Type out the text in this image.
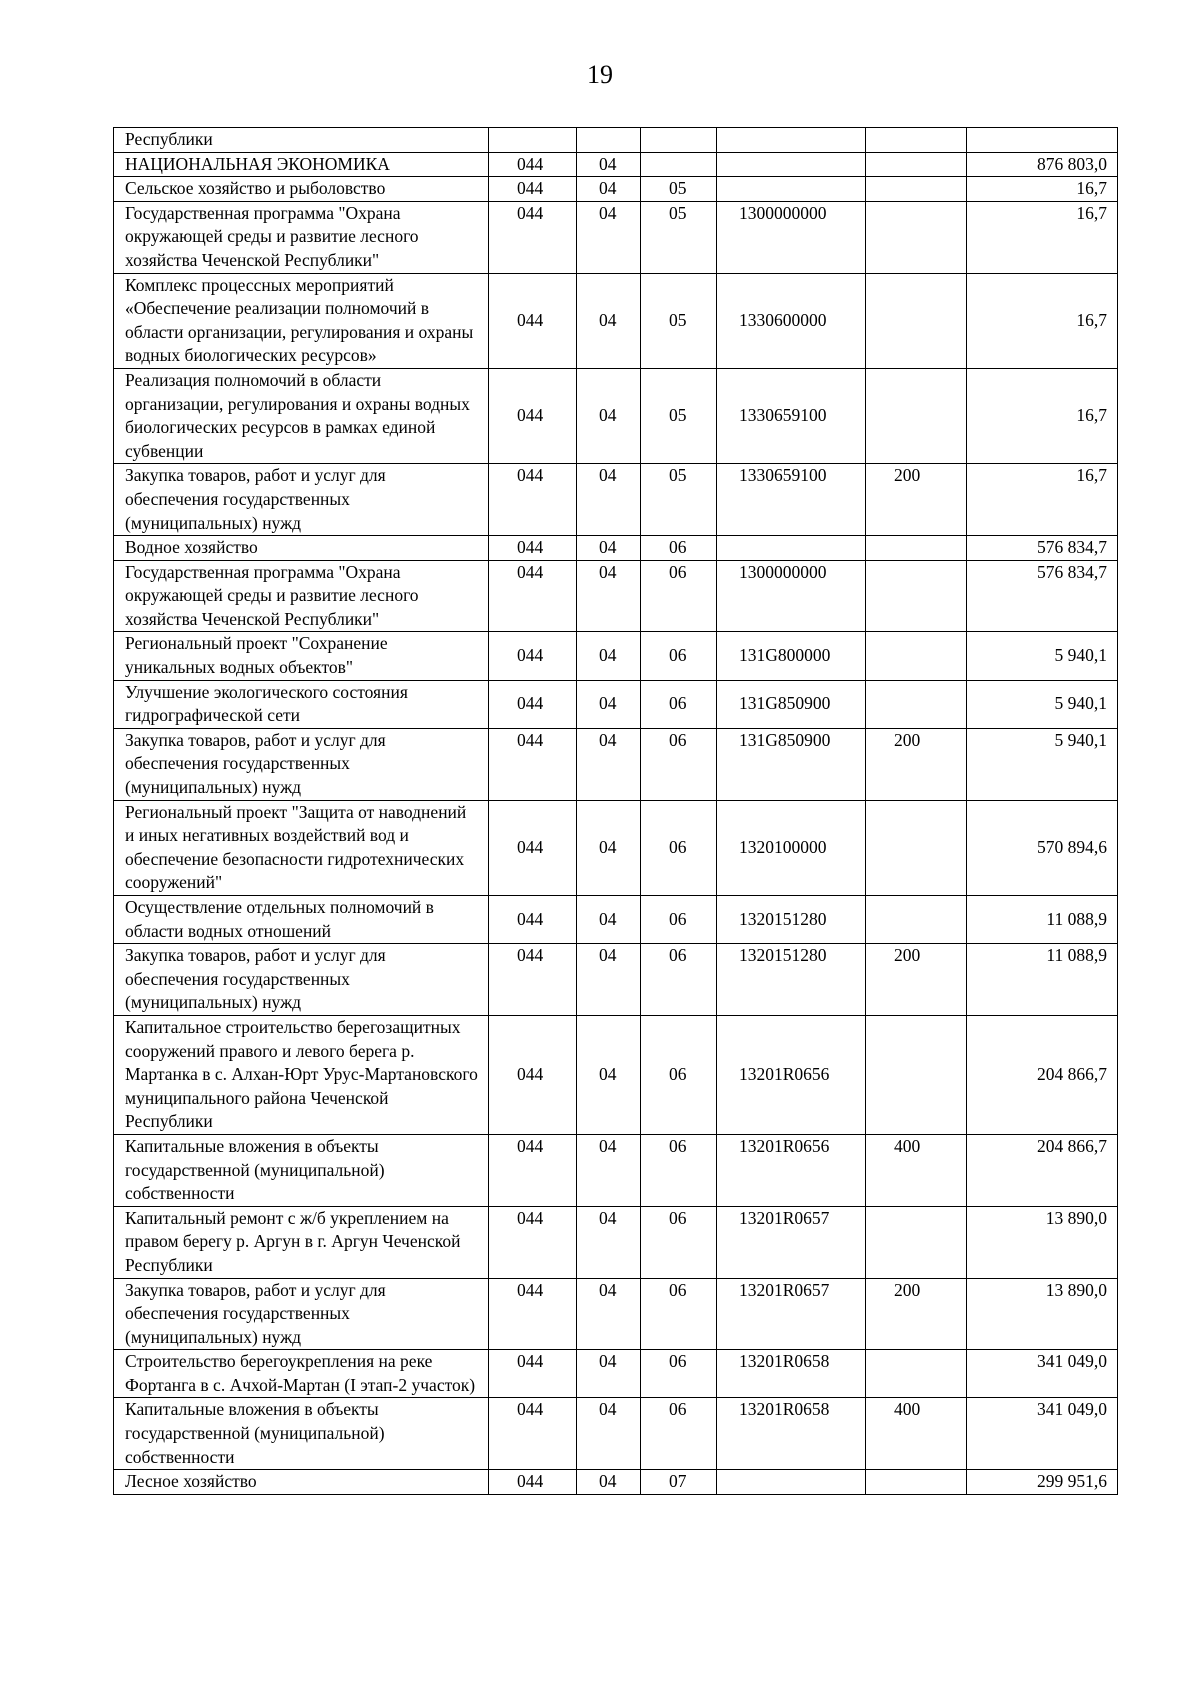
19
Республики						
НАЦИОНАЛЬНАЯ ЭКОНОМИКА	044	04				876 803,0
Сельское хозяйство и рыболовство	044	04	05			16,7
Государственная программа "Охрана окружающей среды и развитие лесного хозяйства Чеченской Республики"	044	04	05	1300000000		16,7
Комплекс процессных мероприятий «Обеспечение реализации полномочий в области организации, регулирования и охраны водных биологических ресурсов»	044	04	05	1330600000		16,7
Реализация полномочий в области организации, регулирования и охраны водных биологических ресурсов в рамках единой субвенции	044	04	05	1330659100		16,7
Закупка товаров, работ и услуг для обеспечения государственных (муниципальных) нужд	044	04	05	1330659100	200	16,7
Водное хозяйство	044	04	06			576 834,7
Государственная программа "Охрана окружающей среды и развитие лесного хозяйства Чеченской Республики"	044	04	06	1300000000		576 834,7
Региональный проект "Сохранение уникальных водных объектов"	044	04	06	131G800000		5 940,1
Улучшение экологического состояния гидрографической сети	044	04	06	131G850900		5 940,1
Закупка товаров, работ и услуг для обеспечения государственных (муниципальных) нужд	044	04	06	131G850900	200	5 940,1
Региональный проект "Защита от наводнений и иных негативных воздействий вод и обеспечение безопасности гидротехнических сооружений"	044	04	06	1320100000		570 894,6
Осуществление отдельных полномочий в области водных отношений	044	04	06	1320151280		11 088,9
Закупка товаров, работ и услуг для обеспечения государственных (муниципальных) нужд	044	04	06	1320151280	200	11 088,9
Капитальное строительство берегозащитных сооружений правого и левого берега р. Мартанка в с. Алхан-Юрт Урус-Мартановского муниципального района Чеченской Республики	044	04	06	13201R0656		204 866,7
Капитальные вложения в объекты государственной (муниципальной) собственности	044	04	06	13201R0656	400	204 866,7
Капитальный ремонт с ж/б укреплением на правом берегу р. Аргун в г. Аргун Чеченской Республики	044	04	06	13201R0657		13 890,0
Закупка товаров, работ и услуг для обеспечения государственных (муниципальных) нужд	044	04	06	13201R0657	200	13 890,0
Строительство берегоукрепления на реке Фортанга в с. Ачхой-Мартан (I этап-2 участок)	044	04	06	13201R0658		341 049,0
Капитальные вложения в объекты государственной (муниципальной) собственности	044	04	06	13201R0658	400	341 049,0
Лесное хозяйство	044	04	07			299 951,6
